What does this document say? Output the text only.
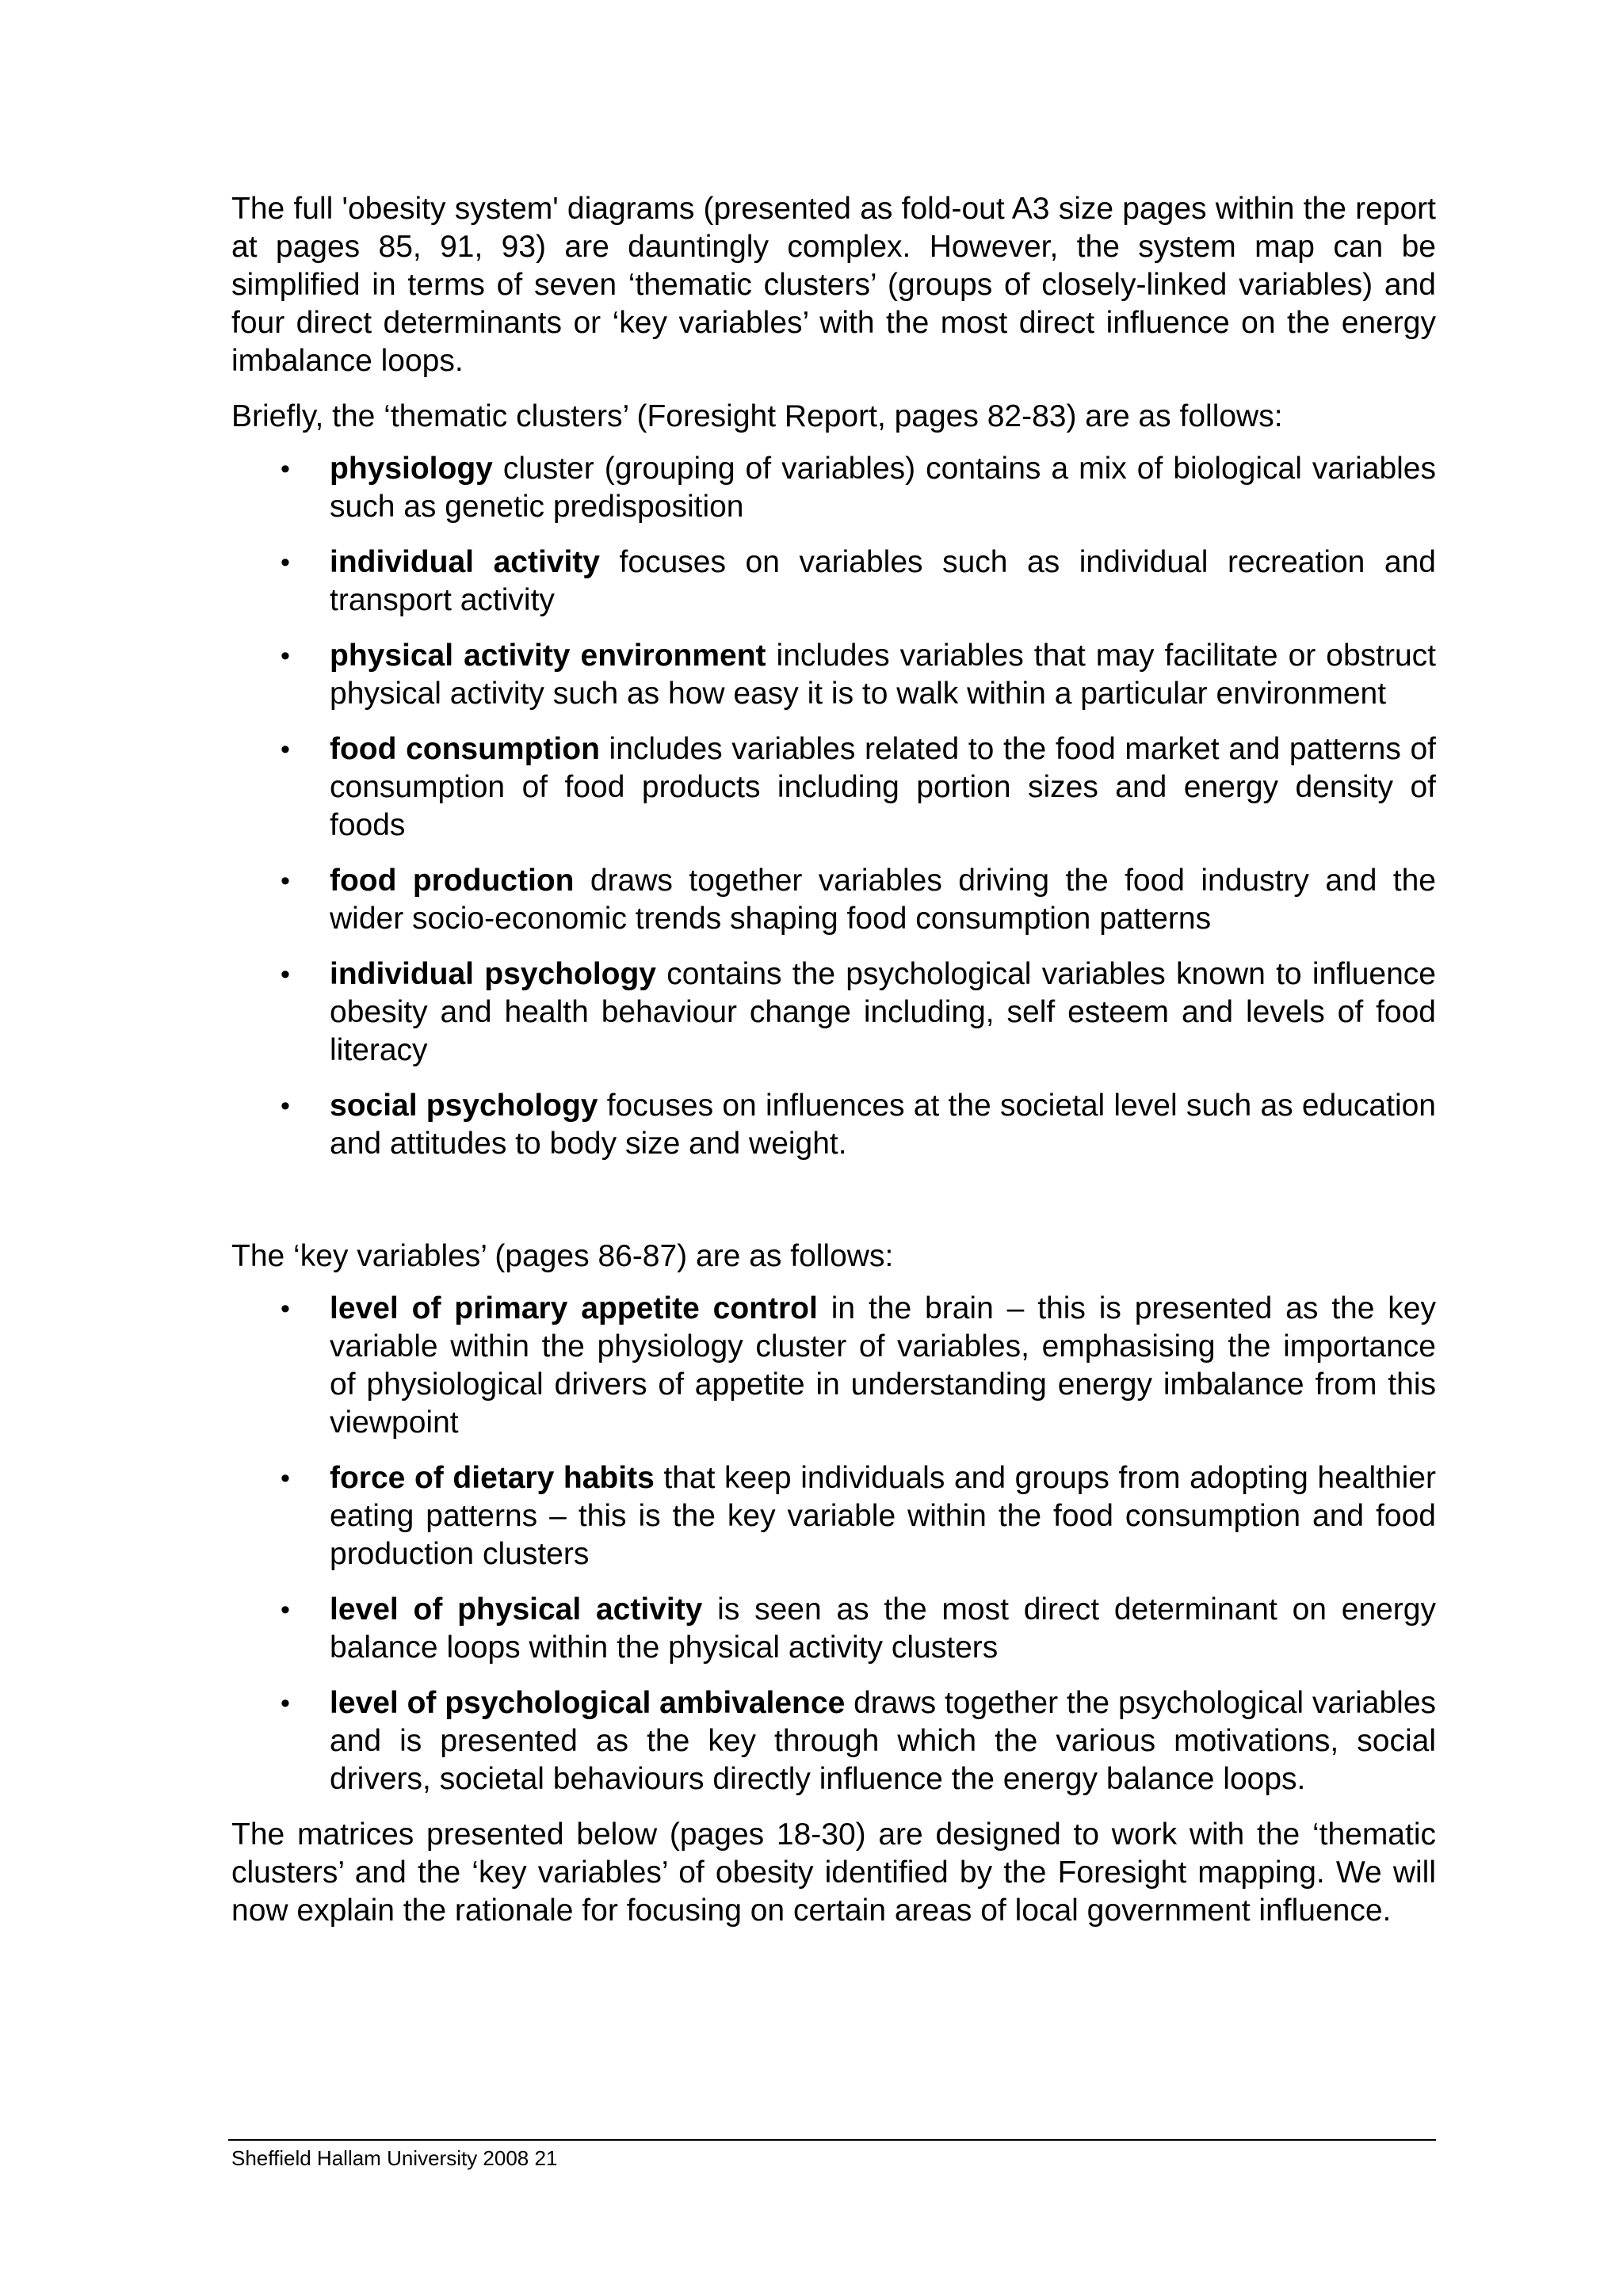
The full 'obesity system' diagrams (presented as fold-out A3 size pages within the report at pages 85, 91, 93) are dauntingly complex. However, the system map can be simplified in terms of seven ‘thematic clusters’ (groups of closely-linked variables) and four direct determinants or ‘key variables’ with the most direct influence on the energy imbalance loops.

Briefly, the ‘thematic clusters’ (Foresight Report, pages 82-83) are as follows:

•	physiology cluster (grouping of variables) contains a mix of biological variables such as genetic predisposition
•	individual activity focuses on variables such as individual recreation and transport activity
•	physical activity environment includes variables that may facilitate or obstruct physical activity such as how easy it is to walk within a particular environment
•	food consumption includes variables related to the food market and patterns of consumption of food products including portion sizes and energy density of foods
•	food production draws together variables driving the food industry and the wider socio-economic trends shaping food consumption patterns
•	individual psychology contains the psychological variables known to influence obesity and health behaviour change including, self esteem and levels of food literacy
•	social psychology focuses on influences at the societal level such as education and attitudes to body size and weight.

The ‘key variables’ (pages 86-87) are as follows:

•	level of primary appetite control in the brain – this is presented as the key variable within the physiology cluster of variables, emphasising the importance of physiological drivers of appetite in understanding energy imbalance from this viewpoint
•	force of dietary habits that keep individuals and groups from adopting healthier eating patterns – this is the key variable within the food consumption and food production clusters
•	level of physical activity is seen as the most direct determinant on energy balance loops within the physical activity clusters
•	level of psychological ambivalence draws together the psychological variables and is presented as the key through which the various motivations, social drivers, societal behaviours directly influence the energy balance loops.

The matrices presented below (pages 18-30) are designed to work with the ‘thematic clusters’ and the ‘key variables’ of obesity identified by the Foresight mapping. We will now explain the rationale for focusing on certain areas of local government influence.

Sheffield Hallam University 2008 21
